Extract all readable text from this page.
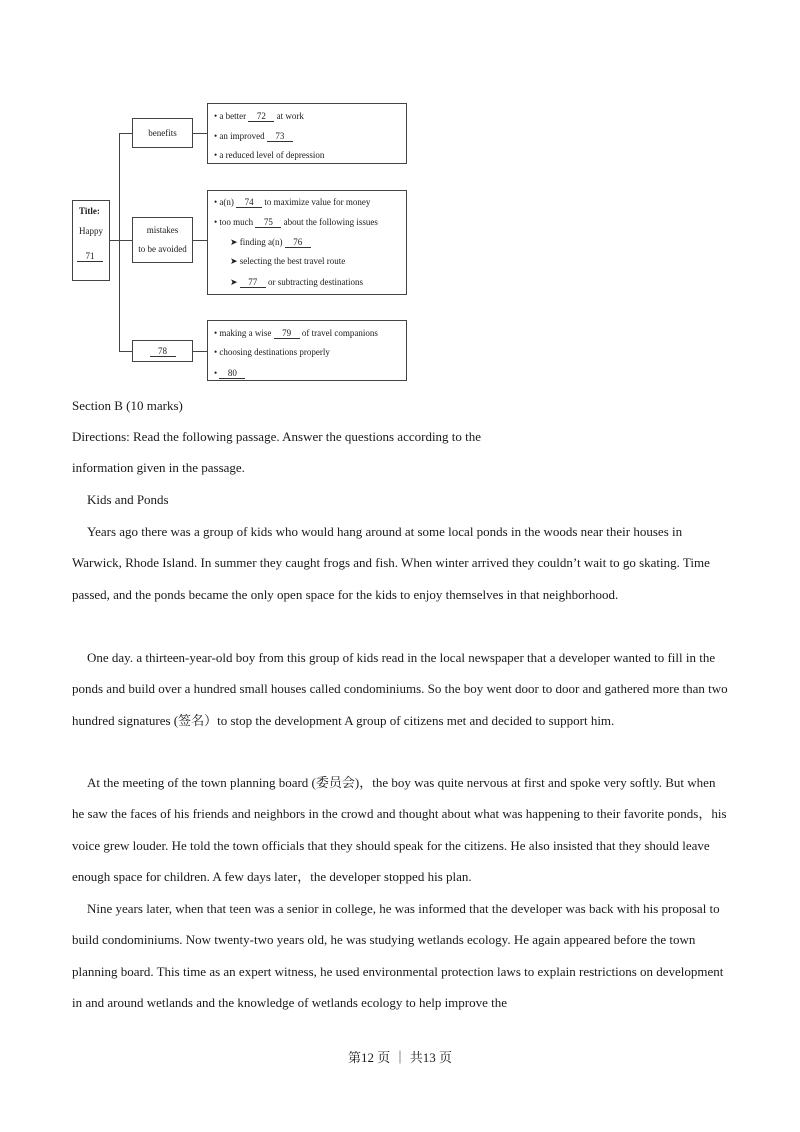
Title:
Happy
71
benefits
mistakes
to be avoided
78
• a better 72 at work
• an improved 73
• a reduced level of depression
• a(n) 74 to maximize value for money
• too much 75 about the following issues
➤ finding a(n) 76
➤ selecting the best travel route
➤ 77 or subtracting destinations
• making a wise 79 of travel companions
• choosing destinations properly
• 80

Section B (10 marks)

Directions: Read the following passage. Answer the questions according to the information given in the passage.

Kids and Ponds

Years ago there was a group of kids who would hang around at some local ponds in the woods near their houses in Warwick, Rhode Island. In summer they caught frogs and fish. When winter arrived they couldn’t wait to go skating. Time passed, and the ponds became the only open space for the kids to enjoy themselves in that neighborhood.

One day. a thirteen-year-old boy from this group of kids read in the local newspaper that a developer wanted to fill in the ponds and build over a hundred small houses called condominiums. So the boy went door to door and gathered more than two hundred signatures (签名）to stop the development A group of citizens met and decided to support him.

At the meeting of the town planning board (委员会)，the boy was quite nervous at first and spoke very softly. But when he saw the faces of his friends and neighbors in the crowd and thought about what was happening to their favorite ponds，his voice grew louder. He told the town officials that they should speak for the citizens. He also insisted that they should leave enough space for children. A few days later，the developer stopped his plan.

Nine years later, when that teen was a senior in college, he was informed that the developer was back with his proposal to build condominiums. Now twenty-two years old, he was studying wetlands ecology. He again appeared before the town planning board. This time as an expert witness, he used environmental protection laws to explain restrictions on development in and around wetlands and the knowledge of wetlands ecology to help improve the

第12 页 ｜ 共13 页
